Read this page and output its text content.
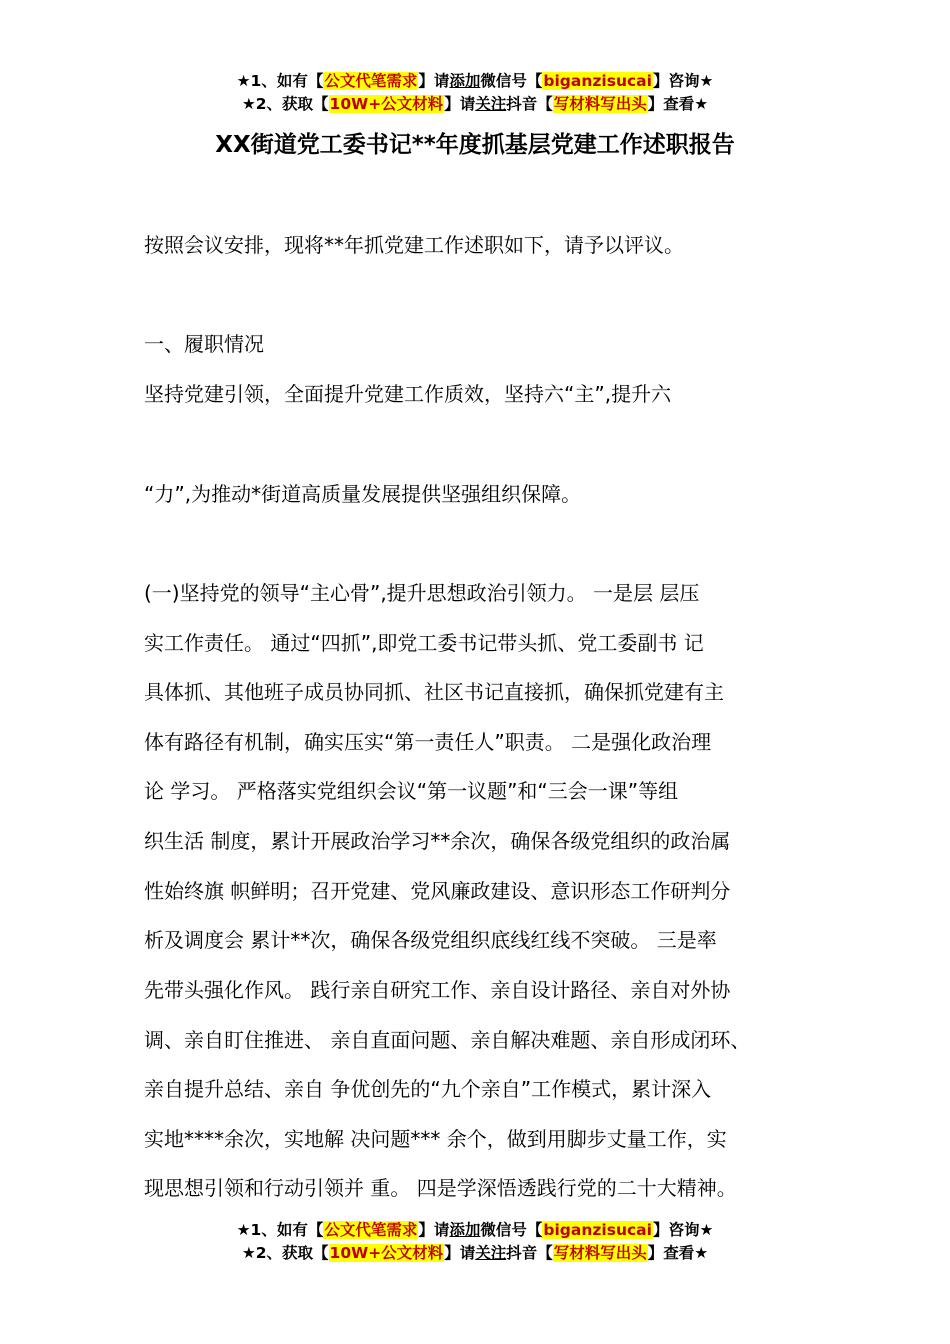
★1、如有【公文代笔需求】请添加微信号【biganzisucai】咨询★
★2、获取【10W+公文材料】请关注抖音【写材料写出头】查看★
XX街道党工委书记**年度抓基层党建工作述职报告
按照会议安排，现将**年抓党建工作述职如下，请予以评议。
一、履职情况
坚持党建引领，全面提升党建工作质效，坚持六“主”,提升六
“力”,为推动*街道高质量发展提供坚强组织保障。
(一)坚持党的领导“主心骨”,提升思想政治引领力。 一是层 层压
实工作责任。 通过“四抓”,即党工委书记带头抓、党工委副书 记
具体抓、其他班子成员协同抓、社区书记直接抓，确保抓党建有主
体有路径有机制，确实压实“第一责任人”职责。 二是强化政治理
论 学习。 严格落实党组织会议“第一议题”和“三会一课”等组
织生活 制度，累计开展政治学习**余次，确保各级党组织的政治属
性始终旗 帜鲜明；召开党建、党风廉政建设、意识形态工作研判分
析及调度会 累计**次，确保各级党组织底线红线不突破。 三是率
先带头强化作风。 践行亲自研究工作、亲自设计路径、亲自对外协
调、亲自盯住推进、 亲自直面问题、亲自解决难题、亲自形成闭环、
亲自提升总结、亲自 争优创先的“九个亲自”工作模式，累计深入
实地****余次，实地解 决问题*** 余个，做到用脚步丈量工作，实
现思想引领和行动引领并 重。 四是学深悟透践行党的二十大精神。
★1、如有【公文代笔需求】请添加微信号【biganzisucai】咨询★
★2、获取【10W+公文材料】请关注抖音【写材料写出头】查看★
